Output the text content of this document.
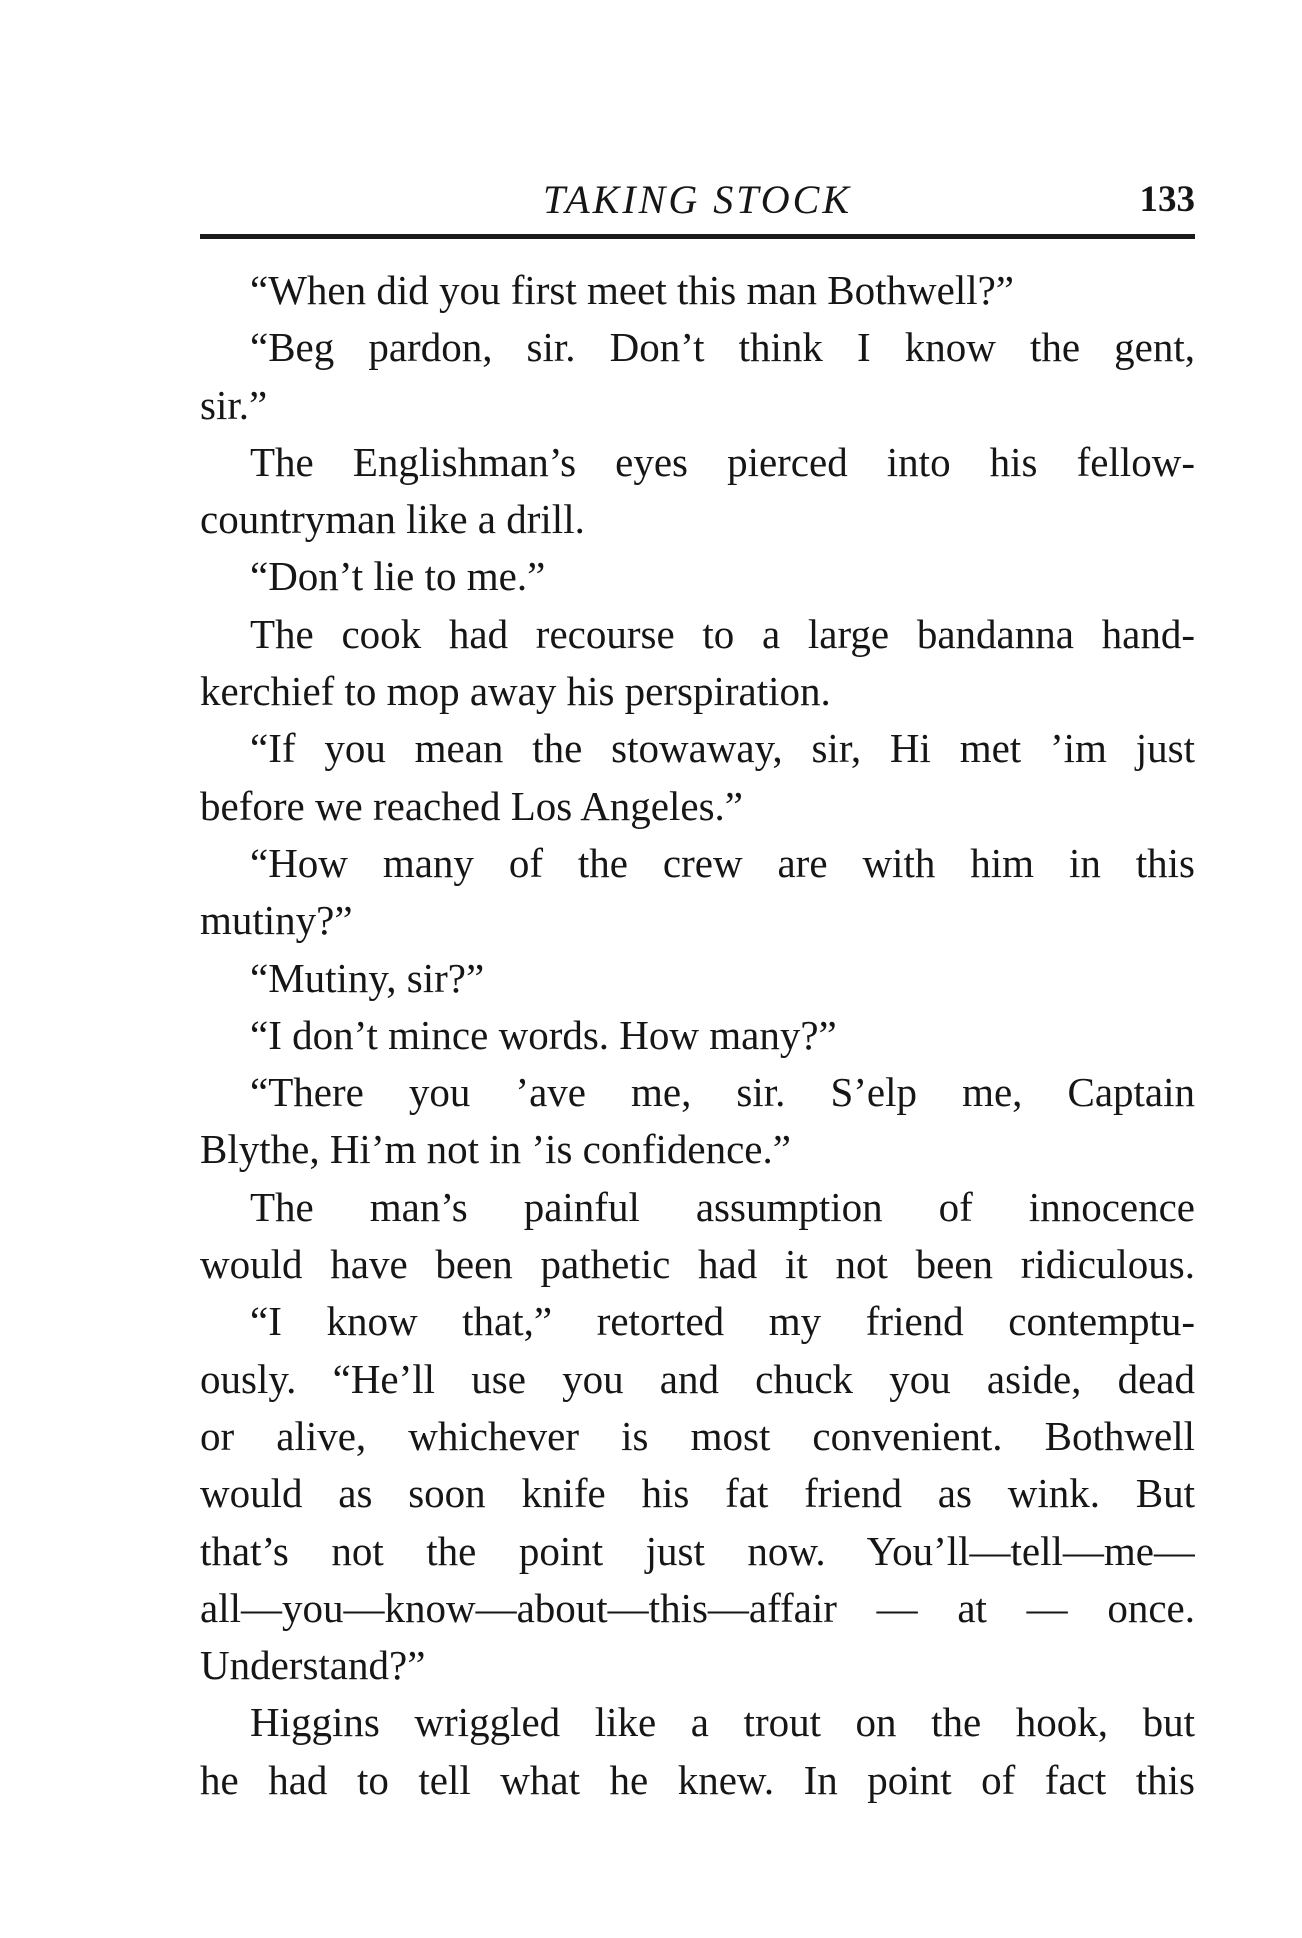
TAKING STOCK	133
“When did you first meet this man Bothwell?”
“Beg pardon, sir. Don’t think I know the gent,
sir.”
The Englishman’s eyes pierced into his fellow-
countryman like a drill.
“Don’t lie to me.”
The cook had recourse to a large bandanna hand-
kerchief to mop away his perspiration.
“If you mean the stowaway, sir, Hi met ’im just
before we reached Los Angeles.”
“How many of the crew are with him in this
mutiny?”
“Mutiny, sir?”
“I don’t mince words. How many?”
“There you ’ave me, sir. S’elp me, Captain
Blythe, Hi’m not in ’is confidence.”
The man’s painful assumption of innocence
would have been pathetic had it not been ridiculous.
“I know that,” retorted my friend contemptu-
ously. “He’ll use you and chuck you aside, dead
or alive, whichever is most convenient. Bothwell
would as soon knife his fat friend as wink. But
that’s not the point just now. You’ll—tell—me—
all—you—know—about—this—affair — at — once.
Understand?”
Higgins wriggled like a trout on the hook, but
he had to tell what he knew. In point of fact this
